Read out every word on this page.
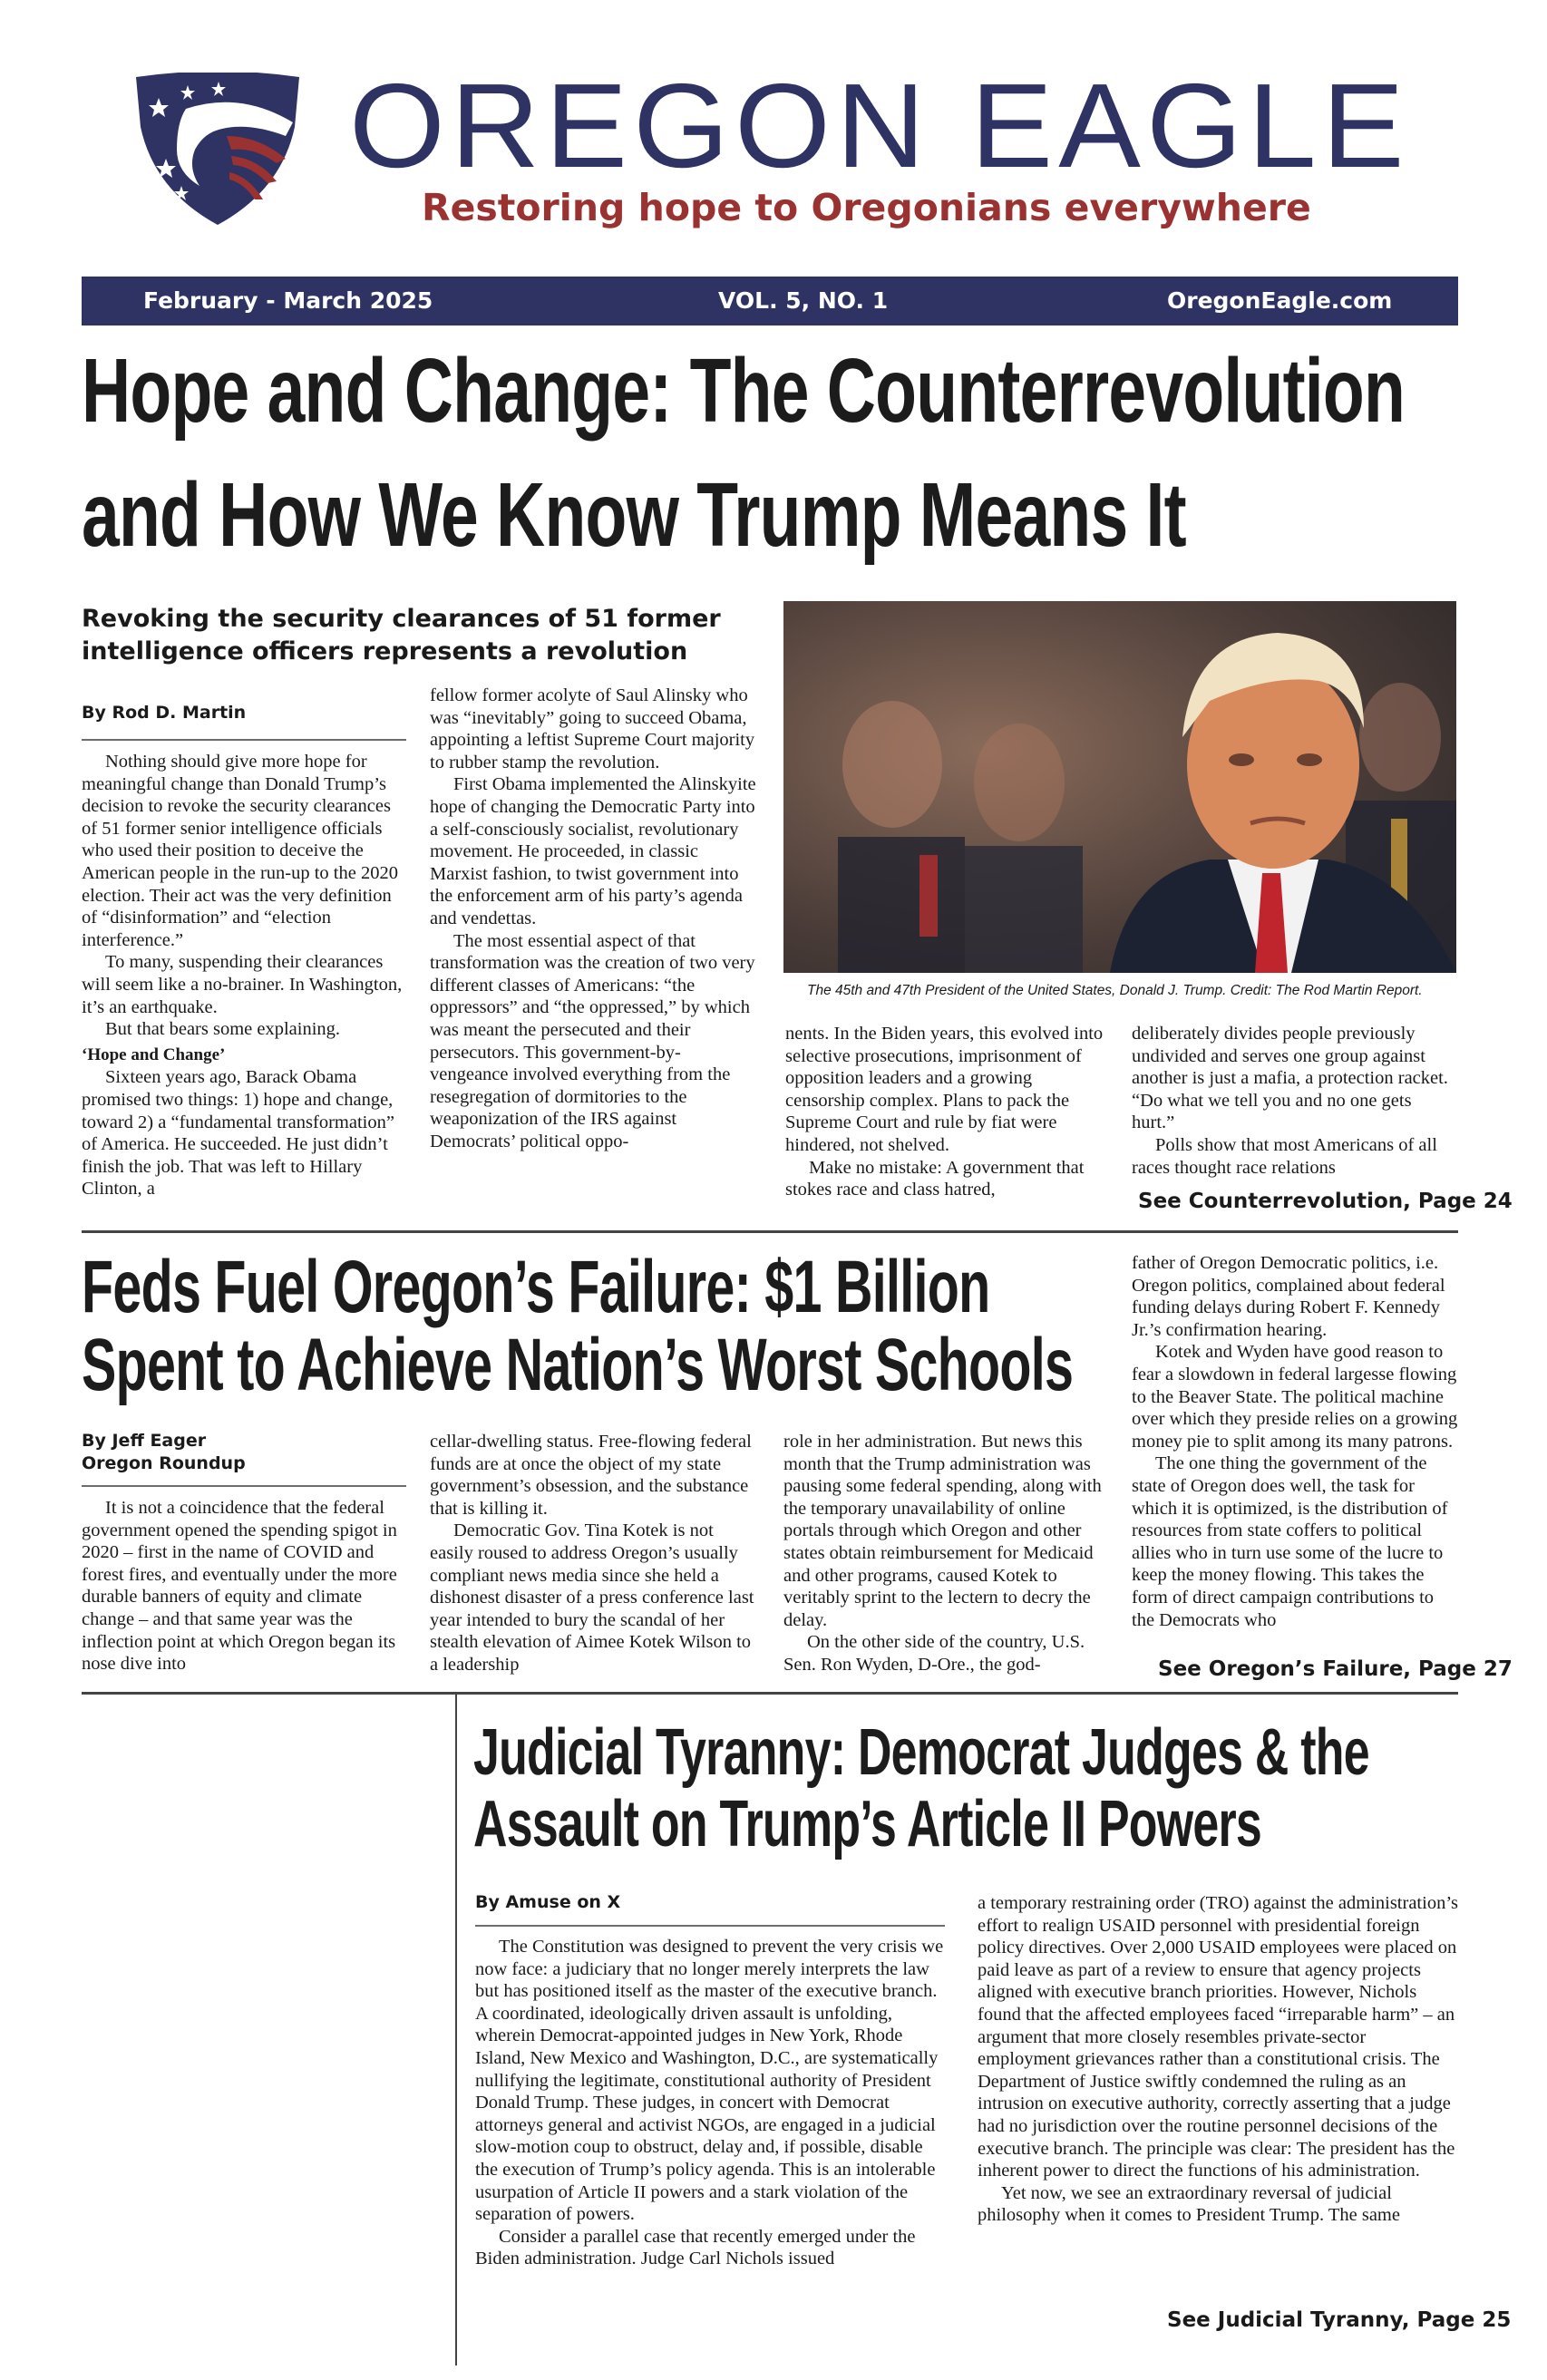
OREGON EAGLE
Restoring hope to Oregonians everywhere
February - March 2025	VOL. 5, NO. 1	OregonEagle.com
Hope and Change: The Counterrevolution
and How We Know Trump Means It
Revoking the security clearances of 51 former
intelligence officers represents a revolution
By Rod D. Martin
The 45th and 47th President of the United States, Donald J. Trump. Credit: The Rod Martin Report.

Nothing should give more hope for meaningful change than Donald Trump’s decision to revoke the security clearances of 51 former senior intelligence officials who used their position to deceive the American people in the run-up to the 2020 election. Their act was the very definition of “disinformation” and “election interference.”

To many, suspending their clearances will seem like a no-brainer. In Washington, it’s an earthquake.

But that bears some explaining.

‘Hope and Change’

Sixteen years ago, Barack Obama promised two things: 1) hope and change, toward 2) a “fundamental transformation” of America. He succeeded. He just didn’t finish the job. That was left to Hillary Clinton, a

fellow former acolyte of Saul Alinsky who was “inevitably” going to succeed Obama, appointing a leftist Supreme Court majority to rubber stamp the revolution.

First Obama implemented the Alinskyite hope of changing the Democratic Party into a self-consciously socialist, revolutionary movement. He proceeded, in classic Marxist fashion, to twist government into the enforcement arm of his party’s agenda and vendettas.

The most essential aspect of that transformation was the creation of two very different classes of Americans: “the oppressors” and “the oppressed,” by which was meant the persecuted and their persecutors. This government-by-vengeance involved everything from the resegregation of dormitories to the weaponization of the IRS against Democrats’ political oppo-

nents. In the Biden years, this evolved into selective prosecutions, imprisonment of opposition leaders and a growing censorship complex. Plans to pack the Supreme Court and rule by fiat were hindered, not shelved.

Make no mistake: A government that stokes race and class hatred,

deliberately divides people previously undivided and serves one group against another is just a mafia, a protection racket. “Do what we tell you and no one gets hurt.”

Polls show that most Americans of all races thought race relations

See Counterrevolution, Page 24
Feds Fuel Oregon’s Failure: $1 Billion
Spent to Achieve Nation’s Worst Schools
By Jeff Eager
Oregon Roundup

It is not a coincidence that the federal government opened the spending spigot in 2020 – first in the name of COVID and forest fires, and eventually under the more durable banners of equity and climate change – and that same year was the inflection point at which Oregon began its nose dive into

cellar-dwelling status. Free-flowing federal funds are at once the object of my state government’s obsession, and the substance that is killing it.

Democratic Gov. Tina Kotek is not easily roused to address Oregon’s usually compliant news media since she held a dishonest disaster of a press conference last year intended to bury the scandal of her stealth elevation of Aimee Kotek Wilson to a leadership

role in her administration. But news this month that the Trump administration was pausing some federal spending, along with the temporary unavailability of online portals through which Oregon and other states obtain reimbursement for Medicaid and other programs, caused Kotek to veritably sprint to the lectern to decry the delay.

On the other side of the country, U.S. Sen. Ron Wyden, D-Ore., the god-

father of Oregon Democratic politics, i.e. Oregon politics, complained about federal funding delays during Robert F. Kennedy Jr.’s confirmation hearing.

Kotek and Wyden have good reason to fear a slowdown in federal largesse flowing to the Beaver State. The political machine over which they preside relies on a growing money pie to split among its many patrons.

The one thing the government of the state of Oregon does well, the task for which it is optimized, is the distribution of resources from state coffers to political allies who in turn use some of the lucre to keep the money flowing. This takes the form of direct campaign contributions to the Democrats who

See Oregon’s Failure, Page 27
Judicial Tyranny: Democrat Judges & the
Assault on Trump’s Article II Powers
By Amuse on X

The Constitution was designed to prevent the very crisis we now face: a judiciary that no longer merely interprets the law but has positioned itself as the master of the executive branch. A coordinated, ideologically driven assault is unfolding, wherein Democrat-appointed judges in New York, Rhode Island, New Mexico and Washington, D.C., are systematically nullifying the legitimate, constitutional authority of President Donald Trump. These judges, in concert with Democrat attorneys general and activist NGOs, are engaged in a judicial slow-motion coup to obstruct, delay and, if possible, disable the execution of Trump’s policy agenda. This is an intolerable usurpation of Article II powers and a stark violation of the separation of powers.

Consider a parallel case that recently emerged under the Biden administration. Judge Carl Nichols issued

a temporary restraining order (TRO) against the administration’s effort to realign USAID personnel with presidential foreign policy directives. Over 2,000 USAID employees were placed on paid leave as part of a review to ensure that agency projects aligned with executive branch priorities. However, Nichols found that the affected employees faced “irreparable harm” – an argument that more closely resembles private-sector employment grievances rather than a constitutional crisis. The Department of Justice swiftly condemned the ruling as an intrusion on executive authority, correctly asserting that a judge had no jurisdiction over the routine personnel decisions of the executive branch. The principle was clear: The president has the inherent power to direct the functions of his administration.

Yet now, we see an extraordinary reversal of judicial philosophy when it comes to President Trump. The same

See Judicial Tyranny, Page 25
